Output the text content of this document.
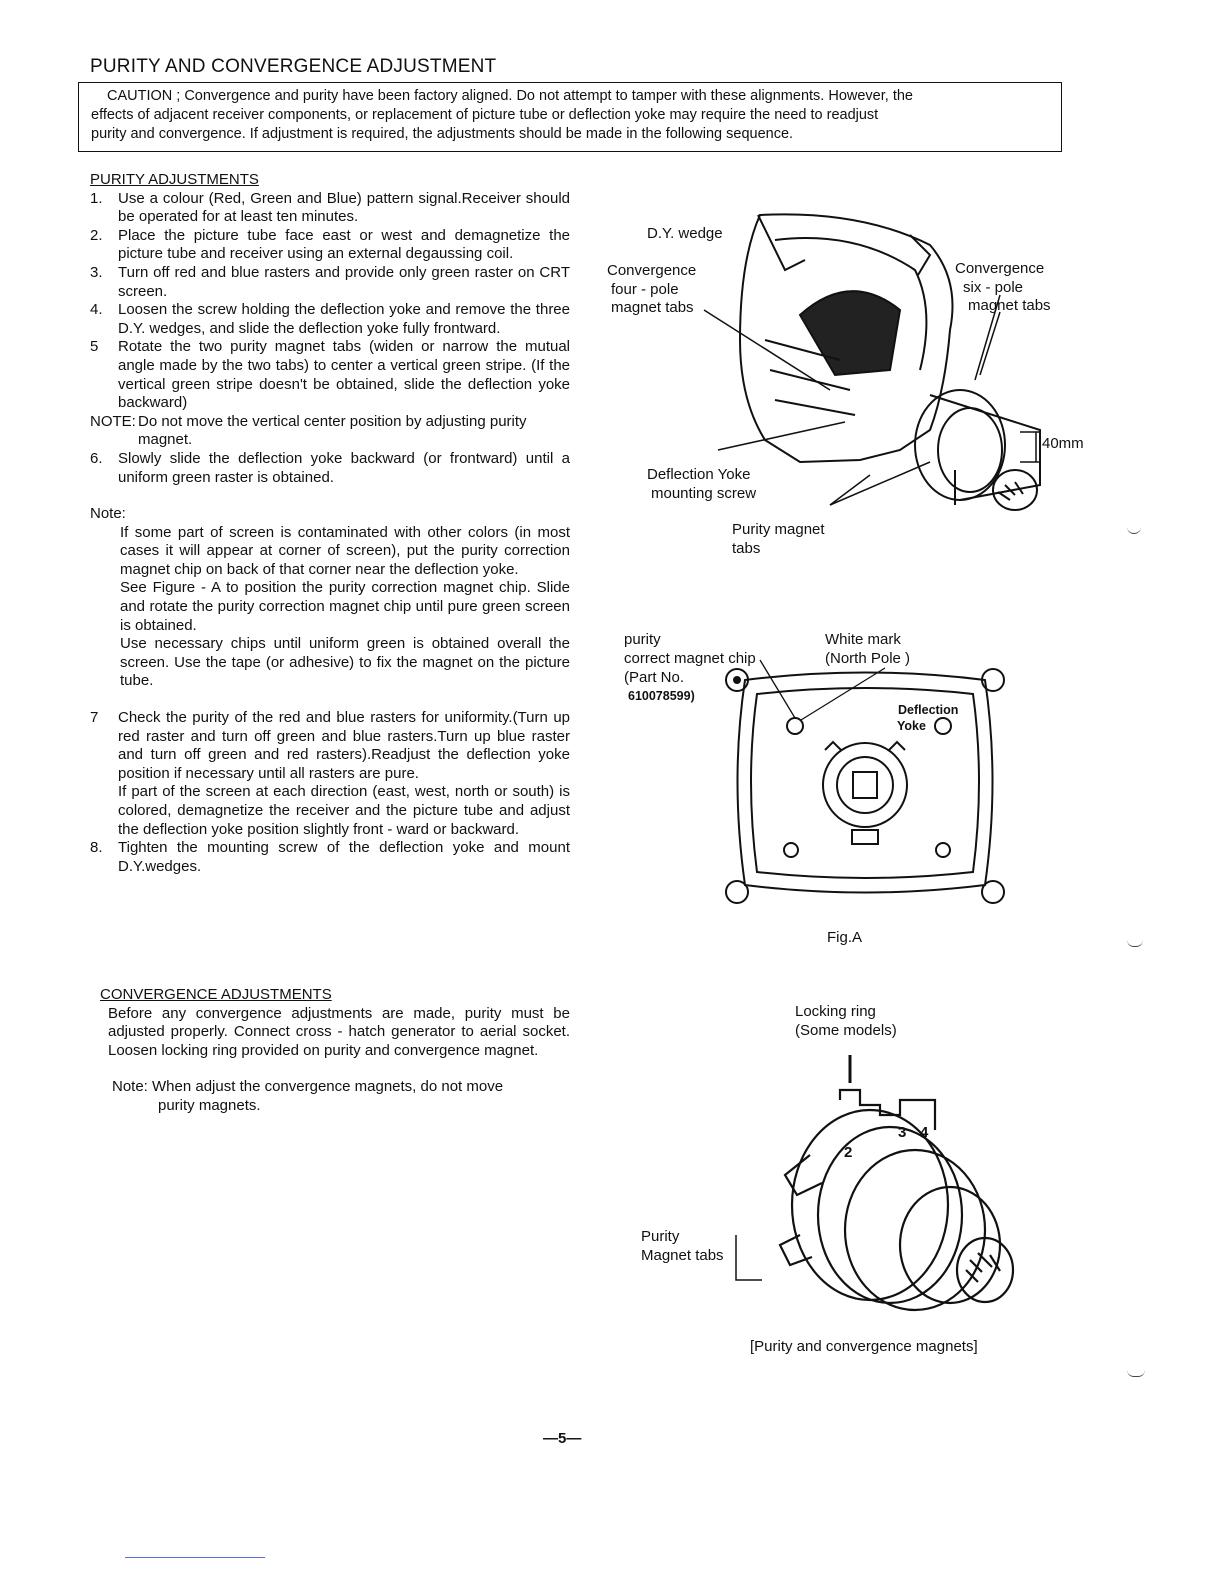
PURITY AND CONVERGENCE ADJUSTMENT

CAUTION ; Convergence and purity have been factory aligned. Do not attempt to tamper with these alignments. However, the

effects of adjacent receiver components, or replacement of picture tube or deflection yoke may require the need to readjust

purity and convergence. If adjustment is required, the adjustments should be made in the following sequence.

PURITY ADJUSTMENTS
1. Use a colour (Red, Green and Blue) pattern signal.Receiver should be operated for at least ten minutes.
2. Place the picture tube face east or west and demagnetize the picture tube and receiver using an external degaussing coil.
3. Turn off red and blue rasters and provide only green raster on CRT screen.
4. Loosen the screw holding the deflection yoke and remove the three D.Y. wedges, and slide the deflection yoke fully frontward.
5 Rotate the two purity magnet tabs (widen or narrow the mutual angle made by the two tabs) to center a vertical green stripe. (If the vertical green stripe doesn't be obtained, slide the deflection yoke backward)
NOTE: Do not move the vertical center position by adjusting purity magnet.
6. Slowly slide the deflection yoke backward (or frontward) until a uniform green raster is obtained.
Note:
If some part of screen is contaminated with other colors (in most cases it will appear at corner of screen), put the purity correction magnet chip on back of that corner near the deflection yoke.
See Figure - A to position the purity correction magnet chip. Slide and rotate the purity correction magnet chip until pure green screen is obtained.
Use necessary chips until uniform green is obtained overall the screen. Use the tape (or adhesive) to fix the magnet on the picture tube.
7 Check the purity of the red and blue rasters for uniformity.(Turn up red raster and turn off green and blue rasters.Turn up blue raster and turn off green and red rasters).Readjust the deflection yoke position if necessary until all rasters are pure.
If part of the screen at each direction (east, west, north or south) is colored, demagnetize the receiver and the picture tube and adjust the deflection yoke position slightly front - ward or backward.
8. Tighten the mounting screw of the deflection yoke and mount D.Y.wedges.
CONVERGENCE ADJUSTMENTS
Before any convergence adjustments are made, purity must be adjusted properly. Connect cross - hatch generator to aerial socket. Loosen locking ring provided on purity and convergence magnet.
Note: When adjust the convergence magnets, do not move
purity magnets.
D.Y. wedge
Convergence
four - pole
magnet tabs
Convergence
six - pole
magnet tabs
40mm
Deflection Yoke
mounting screw
Purity magnet
tabs
purity
correct magnet chip
(Part No.
610078599)
White mark
(North Pole )
Deflection
Yoke
Fig.A
2
3 4
Locking ring
(Some models)
Purity
Magnet tabs
[Purity and convergence magnets]
—5—
